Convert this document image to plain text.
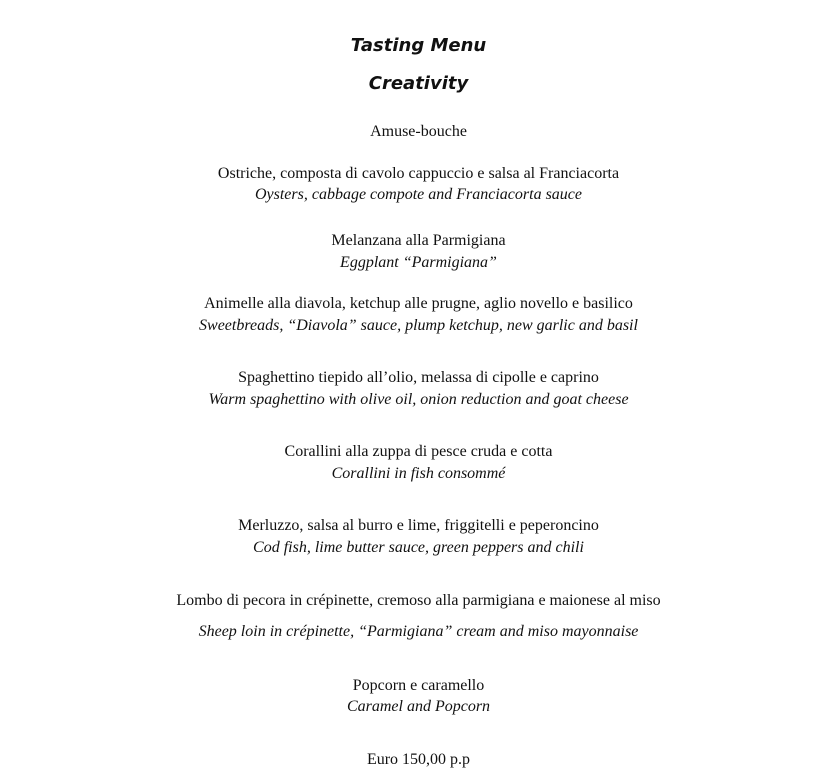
Tasting Menu
Creativity

Amuse-bouche

Ostriche, composta di cavolo cappuccio e salsa al Franciacorta

Oysters, cabbage compote and Franciacorta sauce

Melanzana alla Parmigiana

Eggplant “Parmigiana”

Animelle alla diavola, ketchup alle prugne, aglio novello e basilico

Sweetbreads, “Diavola” sauce, plump ketchup, new garlic and basil

Spaghettino tiepido all’olio, melassa di cipolle e caprino

Warm spaghettino with olive oil, onion reduction and goat cheese

Corallini alla zuppa di pesce cruda e cotta

Corallini in fish consommé

Merluzzo, salsa al burro e lime, friggitelli e peperoncino

Cod fish, lime butter sauce, green peppers and chili

Lombo di pecora in crépinette, cremoso alla parmigiana e maionese al miso

Sheep loin in crépinette, “Parmigiana” cream and miso mayonnaise

Popcorn e caramello

Caramel and Popcorn

Euro 150,00 p.p
